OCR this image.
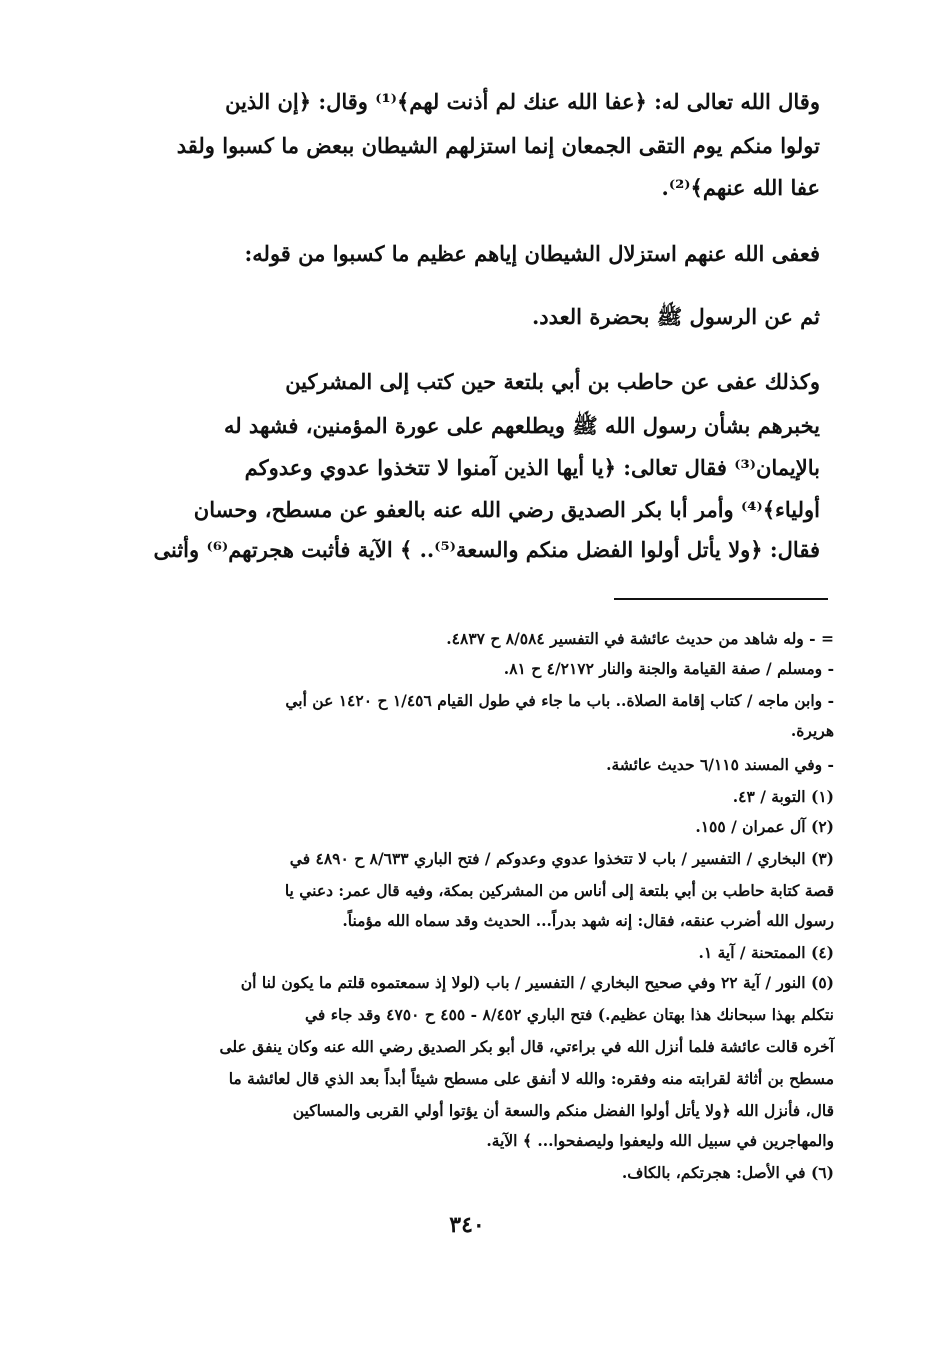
وقال الله تعالى له: ﴿عفا الله عنك لم أذنت لهم﴾⁽¹⁾ وقال: ﴿إن الذين
تولوا منكم يوم التقى الجمعان إنما استزلهم الشيطان ببعض ما كسبوا ولقد
عفا الله عنهم﴾⁽²⁾.
فعفى الله عنهم استزلال الشيطان إياهم عظيم ما كسبوا من قوله:
ثم عن الرسول ﷺ بحضرة العدد.
وكذلك عفى عن حاطب بن أبي بلتعة حين كتب إلى المشركين
يخبرهم بشأن رسول الله ﷺ ويطلعهم على عورة المؤمنين، فشهد له
بالإيمان⁽³⁾ فقال تعالى: ﴿يا أيها الذين آمنوا لا تتخذوا عدوي وعدوكم
أولياء﴾⁽⁴⁾ وأمر أبا بكر الصديق رضي الله عنه بالعفو عن مسطح، وحسان
فقال: ﴿ولا يأتل أولوا الفضل منكم والسعة⁽⁵⁾.. ﴾ الآية فأثبت هجرتهم⁽⁶⁾ وأثنى
= - وله شاهد من حديث عائشة في التفسير ٨/٥٨٤ ح ٤٨٣٧.
- ومسلم / صفة القيامة والجنة والنار ٤/٢١٧٢ ح ٨١.
- وابن ماجه / كتاب إقامة الصلاة.. باب ما جاء في طول القيام ١/٤٥٦ ح ١٤٢٠ عن أبي
هريرة.
- وفي المسند ٦/١١٥ حديث عائشة.
(١) التوبة / ٤٣.
(٢) آل عمران / ١٥٥.
(٣) البخاري / التفسير / باب لا تتخذوا عدوي وعدوكم / فتح الباري ٨/٦٣٣ ح ٤٨٩٠ في
قصة كتابة حاطب بن أبي بلتعة إلى أناس من المشركين بمكة، وفيه قال عمر: دعني يا
رسول الله أضرب عنقه، فقال: إنه شهد بدراً... الحديث وقد سماه الله مؤمناً.
(٤) الممتحنة / آية ١.
(٥) النور / آية ٢٢ وفي صحيح البخاري / التفسير / باب (لولا إذ سمعتموه قلتم ما يكون لنا أن
نتكلم بهذا سبحانك هذا بهتان عظيم.) فتح الباري ٨/٤٥٢ - ٤٥٥ ح ٤٧٥٠ وقد جاء في
آخره قالت عائشة فلما أنزل الله في براءتي، قال أبو بكر الصديق رضي الله عنه وكان ينفق على
مسطح بن أثاثة لقرابته منه وفقره: والله لا أنفق على مسطح شيئاً أبداً بعد الذي قال لعائشة ما
قال، فأنزل الله ﴿ولا يأتل أولوا الفضل منكم والسعة أن يؤتوا أولي القربى والمساكين
والمهاجرين في سبيل الله وليعفوا وليصفحوا... ﴾ الآية.
(٦) في الأصل: هجرتكم، بالكاف.
٣٤٠
